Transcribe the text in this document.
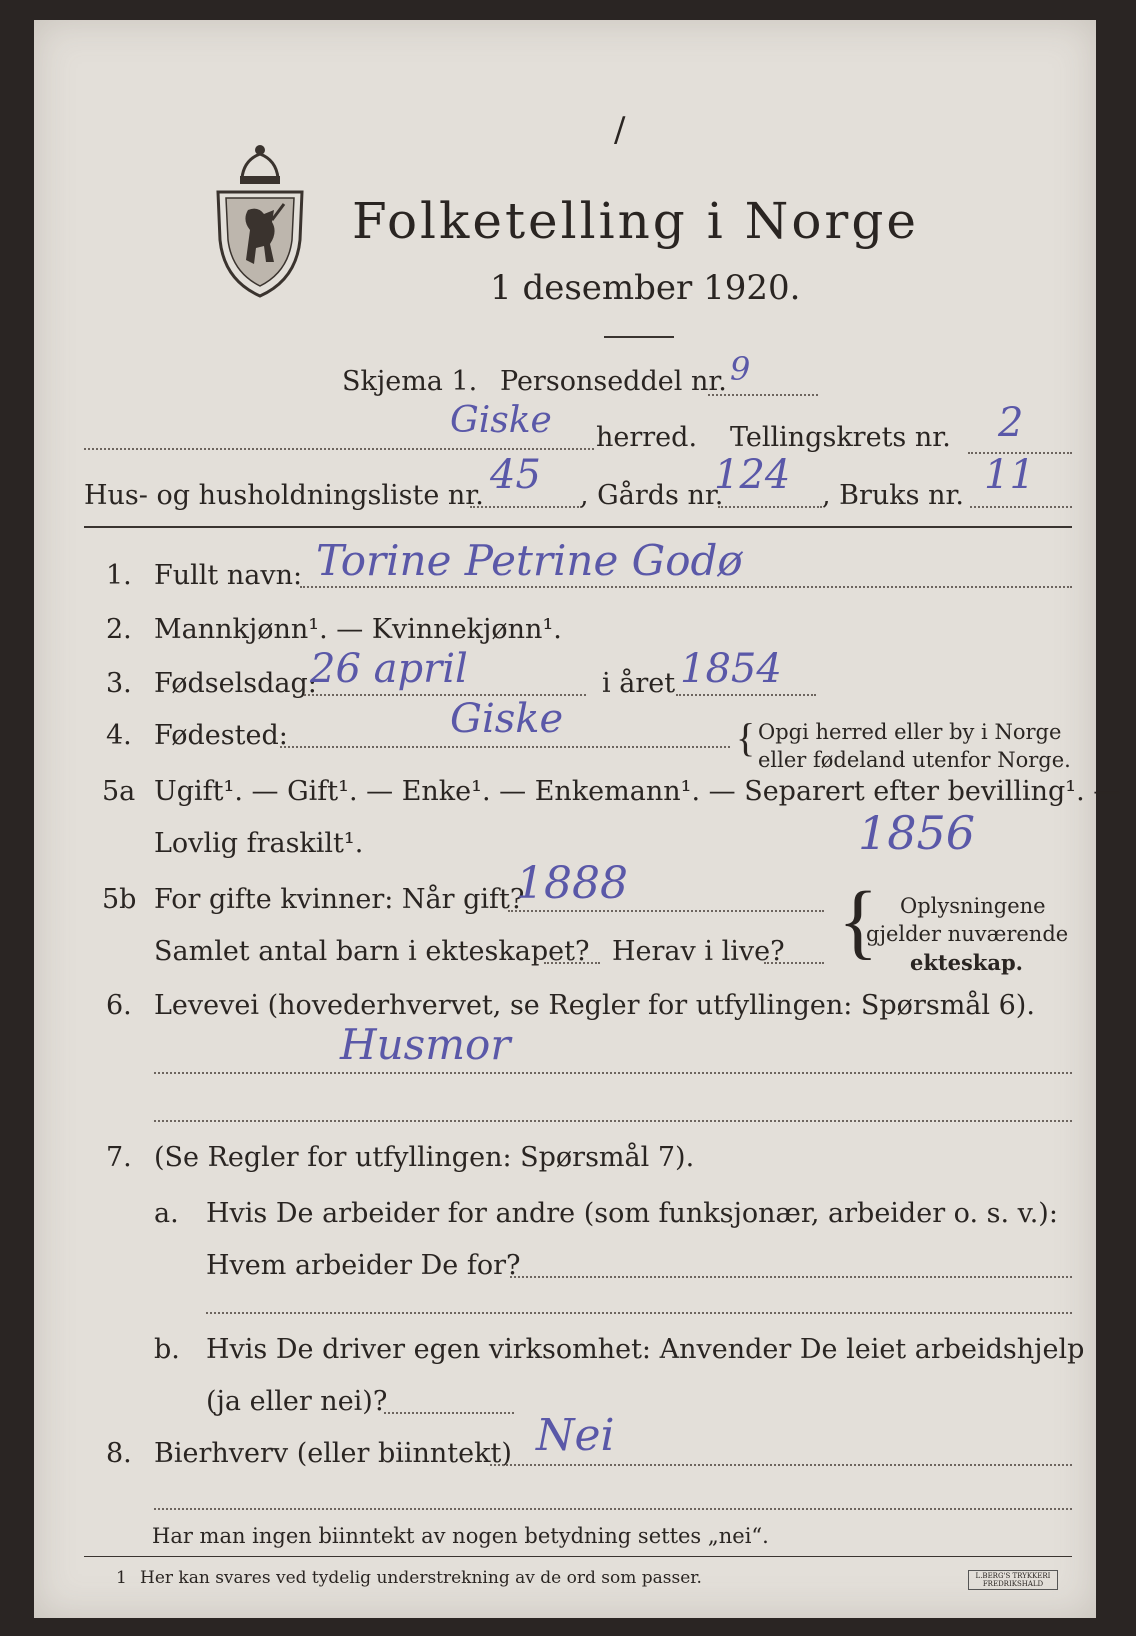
Folketelling i Norge
1 desember 1920.
/
Skjema 1. Personseddel nr. 9
Giske herred. Tellingskrets nr. 2
Hus- og husholdningsliste nr. 45 , Gårds nr.
124 , Bruks nr. 11
1. Fullt navn: Torine Petrine Godø
2. Mannkjønn¹. — Kvinnekjønn¹.
3. Fødselsdag:
26 april	i året 1854
4. Fødested:	Giske	{ Opgi herred eller by i Norge
eller fødeland utenfor Norge.
5a Ugift¹. — Gift¹. — Enke¹. — Enkemann¹. — Separert efter bevilling¹. —
Lovlig fraskilt¹.	1856
5b For gifte kvinner: Når gift?
1888
Samlet antal barn i ekteskapet? Herav i live? { Oplysningene
gjelder nuværende
ekteskap.
6. Levevei (hovederhvervet, se Regler for utfyllingen: Spørsmål 6).
Husmor
7. (Se Regler for utfyllingen: Spørsmål 7).
a. Hvis De arbeider for andre (som funksjonær, arbeider o. s. v.):
Hvem arbeider De for?
b. Hvis De driver egen virksomhet: Anvender De leiet arbeidshjelp
(ja eller nei)?
8. Bierhverv (eller biinntekt) Nei
Har man ingen biinntekt av nogen betydning settes „nei“.
1 Her kan svares ved tydelig understrekning av de ord som passer.	L.BERG'S TRYKKERI FREDRIKSHALD
